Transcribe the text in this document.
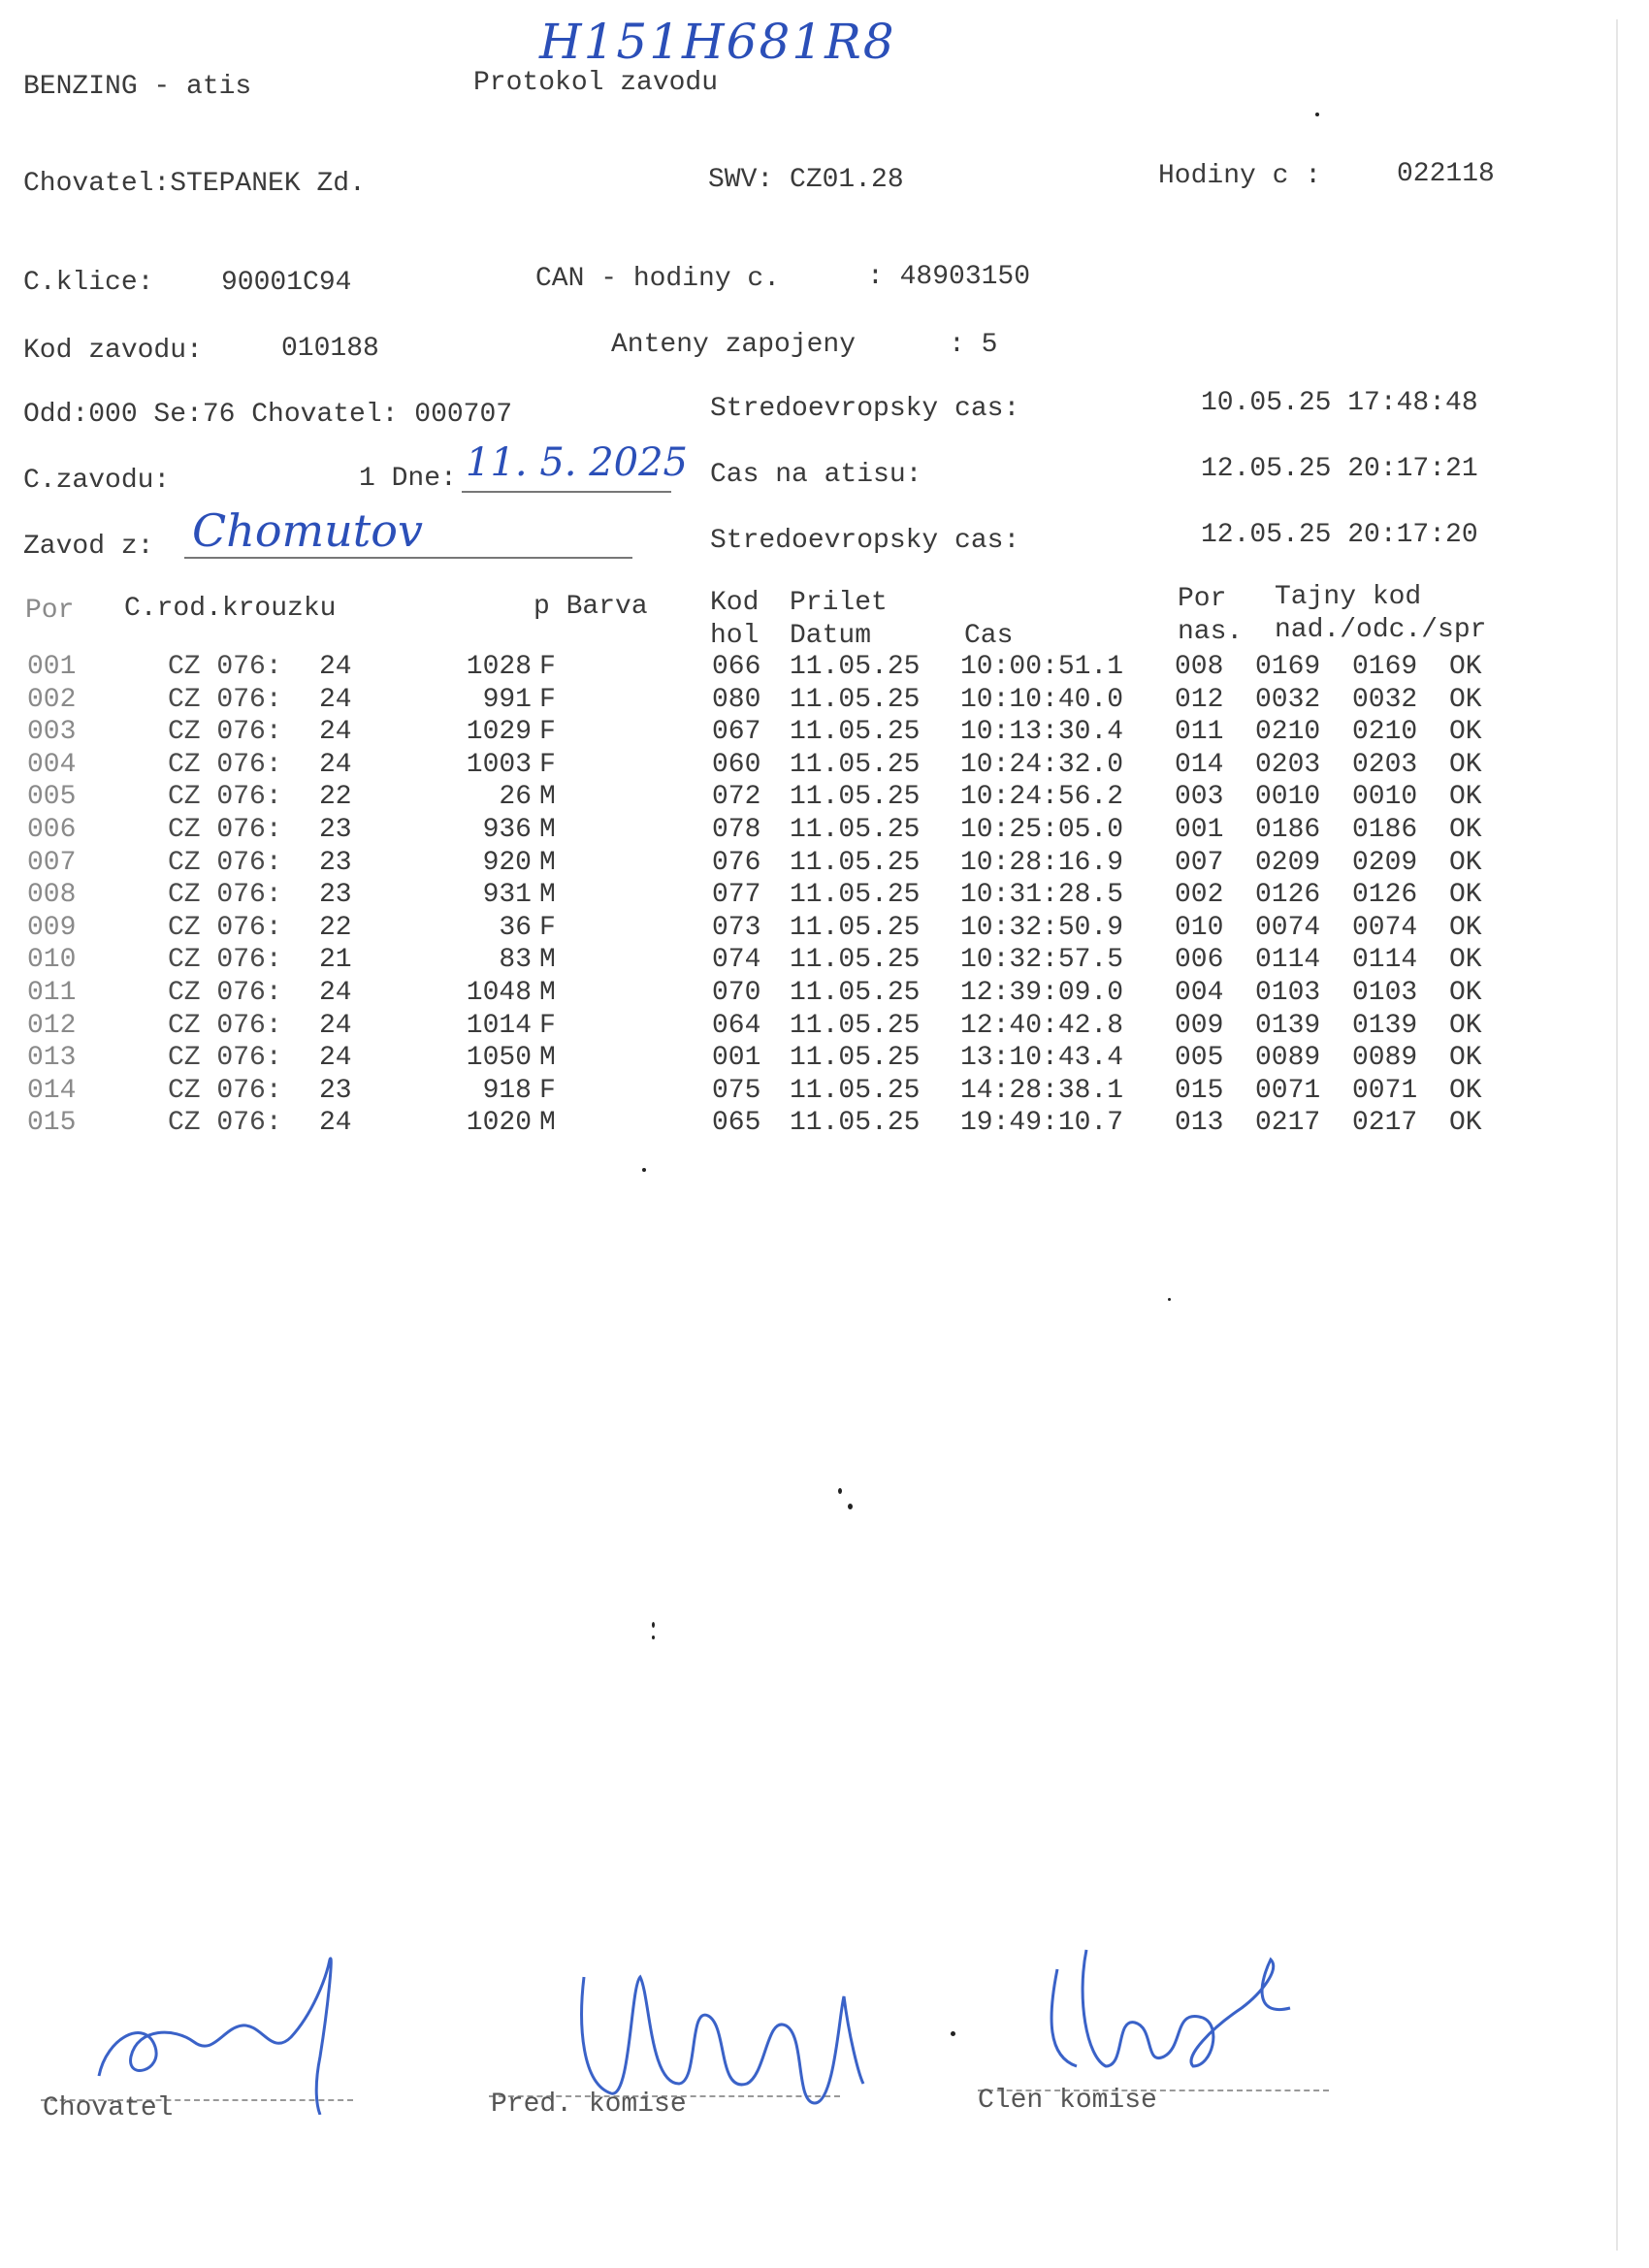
H151H681R8
BENZING - atis	Protokol zavodu
Chovatel:STEPANEK Zd.	SWV: CZ01.28	Hodiny c :	022118
C.klice: 90001C94	CAN - hodiny c.	: 48903150
Kod zavodu:	010188	Anteny zapojeny	: 5
Odd:000 Se:76 Chovatel: 000707	Stredoevropsky cas:	10.05.25 17:48:48
C.zavodu:	1 Dne: 11. 5. 2025 Cas na atisu:	12.05.25 20:17:21
Zavod z: Chomutov	Stredoevropsky cas:	12.05.25 20:17:20
Por C.rod.krouzku	p Barva Kod
hol
Prilet
Datum	Cas
Por
nas.
Tajny kod
nad./odc./spr
001	CZ 076: 24	1028 F	066 11.05.25 10:00:51.1 008 0169 0169 OK
002	CZ 076: 24	991 F	080 11.05.25 10:10:40.0 012 0032 0032 OK
003	CZ 076: 24	1029 F	067 11.05.25 10:13:30.4 011 0210 0210 OK
004	CZ 076: 24	1003 F	060 11.05.25 10:24:32.0 014 0203 0203 OK
005	CZ 076: 22	26 M	072 11.05.25 10:24:56.2 003 0010 0010 OK
006	CZ 076: 23	936 M	078 11.05.25 10:25:05.0 001 0186 0186 OK
007	CZ 076: 23	920 M	076 11.05.25 10:28:16.9 007 0209 0209 OK
008	CZ 076: 23	931 M	077 11.05.25 10:31:28.5 002 0126 0126 OK
009	CZ 076: 22	36 F	073 11.05.25 10:32:50.9 010 0074 0074 OK
010	CZ 076: 21	83 M	074 11.05.25 10:32:57.5 006 0114 0114 OK
011	CZ 076: 24	1048 M	070 11.05.25 12:39:09.0 004 0103 0103 OK
012	CZ 076: 24	1014 F	064 11.05.25 12:40:42.8 009 0139 0139 OK
013	CZ 076: 24	1050 M	001 11.05.25 13:10:43.4 005 0089 0089 OK
014	CZ 076: 23	918 F	075 11.05.25 14:28:38.1 015 0071 0071 OK
015	CZ 076: 24	1020 M	065 11.05.25 19:49:10.7 013 0217 0217 OK
Chovatel	Pred. komise	Clen komise
